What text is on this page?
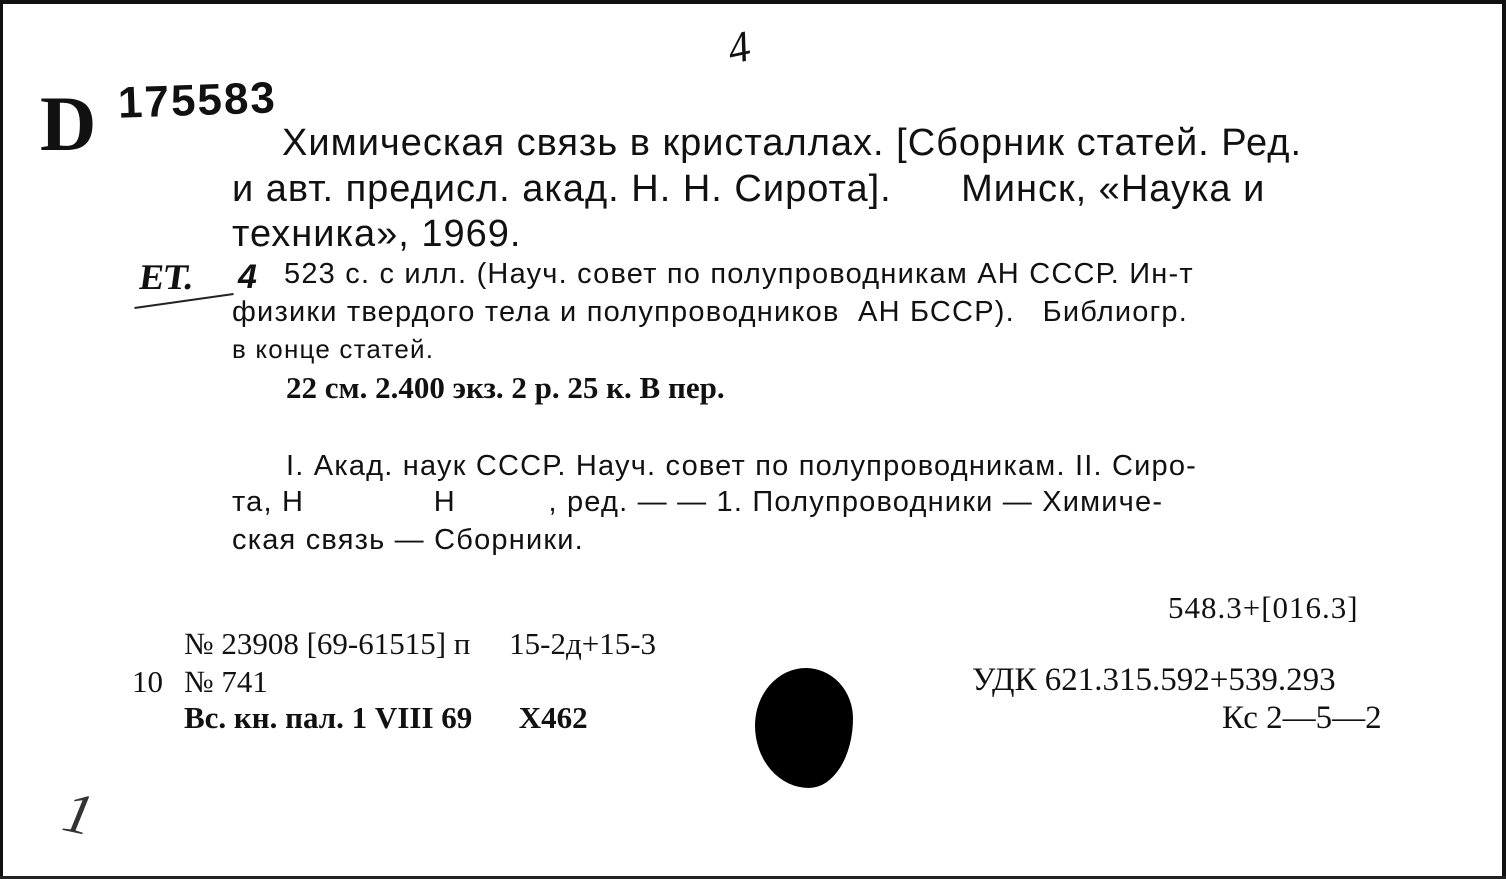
4
D 175583
Химическая связь в кристаллах. [Сборник статей. Ред.
и авт. предисл. акад. Н. Н. Сирота].      Минск, «Наука и
техника», 1969.
ЕТ. 4 523 с. с илл. (Науч. совет по полупроводникам АН СССР. Ин-т
физики твердого тела и полупроводников  АН БССР).   Библиогр.
в конце статей.
22 см. 2.400 экз. 2 р. 25 к. В пер.
I. Акад. наук СССР. Науч. совет по полупроводникам. II. Сиро-
та, Н              Н          , ред. — — 1. Полупроводники — Химиче-
ская связь — Сборники.
548.3+[016.3]
№ 23908 [69-61515] п     15-2д+15-3
10 № 741
Вс. кн. пал. 1 VIII 69      Х462
УДК 621.315.592+539.293
Кс 2—5—2
1
